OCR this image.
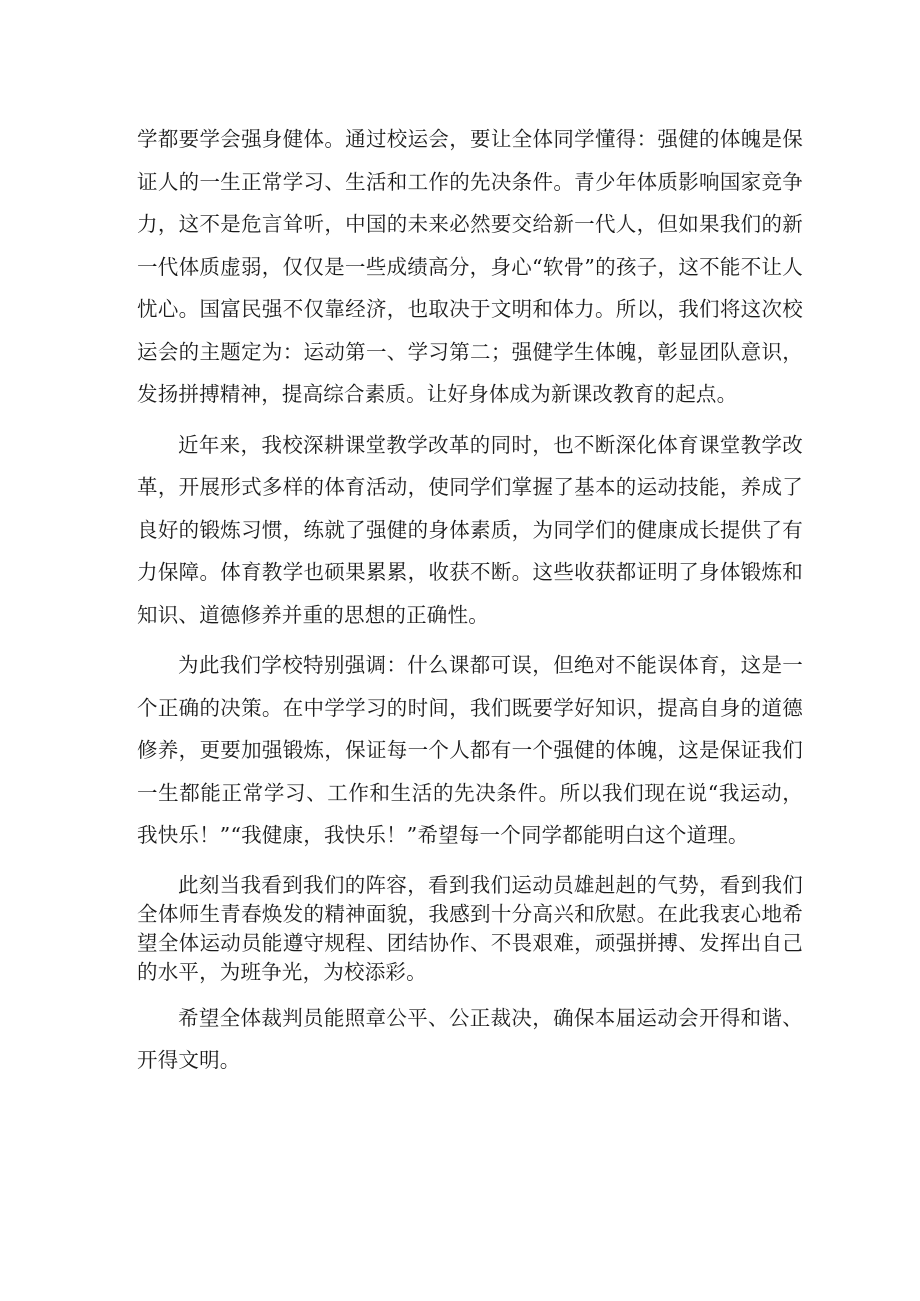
学都要学会强身健体。通过校运会，要让全体同学懂得：强健的体魄是保证人的一生正常学习、生活和工作的先决条件。青少年体质影响国家竞争力，这不是危言耸听，中国的未来必然要交给新一代人，但如果我们的新一代体质虚弱，仅仅是一些成绩高分，身心“软骨”的孩子，这不能不让人忧心。国富民强不仅靠经济，也取决于文明和体力。所以，我们将这次校运会的主题定为：运动第一、学习第二；强健学生体魄，彰显团队意识，发扬拼搏精神，提高综合素质。让好身体成为新课改教育的起点。

近年来，我校深耕课堂教学改革的同时，也不断深化体育课堂教学改革，开展形式多样的体育活动，使同学们掌握了基本的运动技能，养成了良好的锻炼习惯，练就了强健的身体素质，为同学们的健康成长提供了有力保障。体育教学也硕果累累，收获不断。这些收获都证明了身体锻炼和知识、道德修养并重的思想的正确性。

为此我们学校特别强调：什么课都可误，但绝对不能误体育，这是一个正确的决策。在中学学习的时间，我们既要学好知识，提高自身的道德修养，更要加强锻炼，保证每一个人都有一个强健的体魄，这是保证我们一生都能正常学习、工作和生活的先决条件。所以我们现在说“我运动，我快乐！”“我健康，我快乐！”希望每一个同学都能明白这个道理。

此刻当我看到我们的阵容，看到我们运动员雄赳赳的气势，看到我们全体师生青春焕发的精神面貌，我感到十分高兴和欣慰。在此我衷心地希望全体运动员能遵守规程、团结协作、不畏艰难，顽强拼搏、发挥出自己的水平，为班争光，为校添彩。

希望全体裁判员能照章公平、公正裁决，确保本届运动会开得和谐、开得文明。
